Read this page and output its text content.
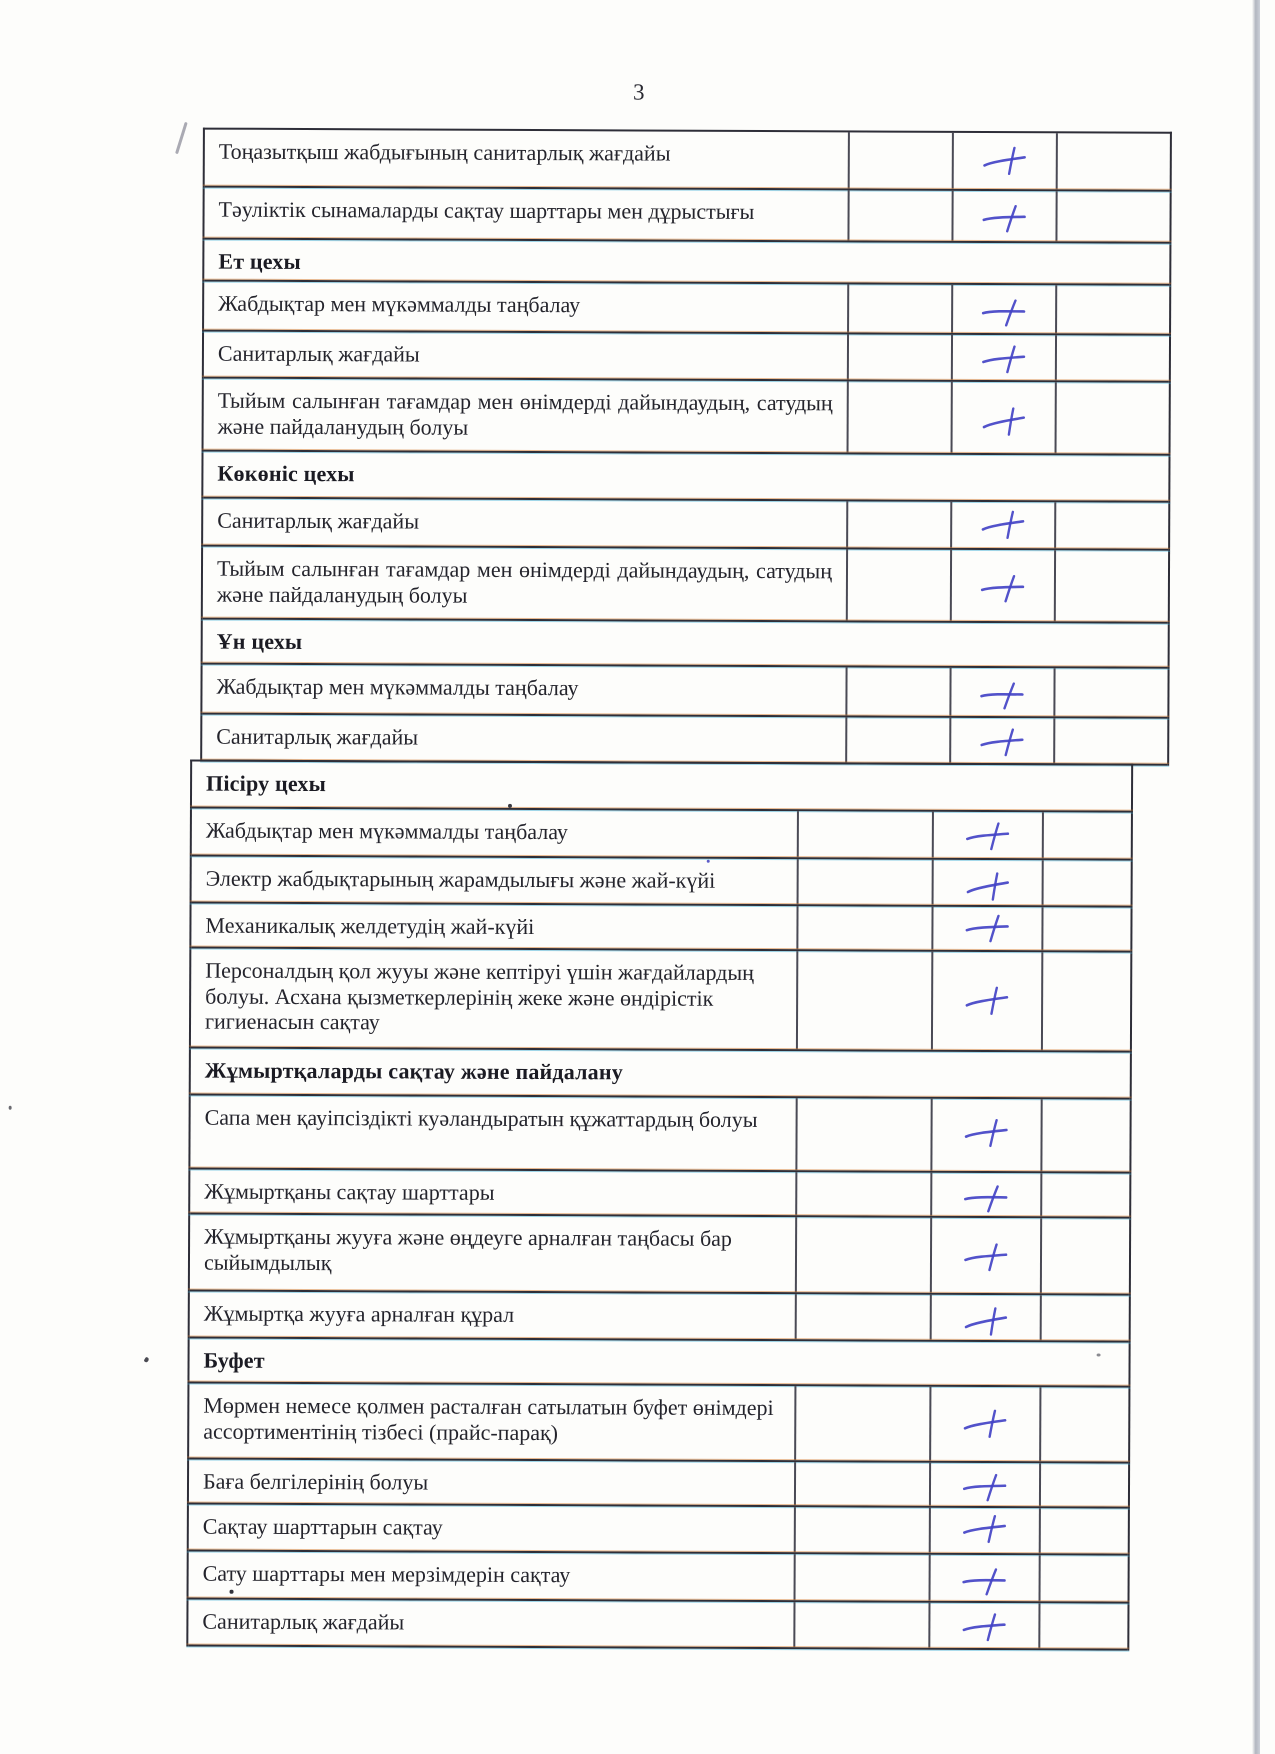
3
Тоңазытқыш жабдығының санитарлық жағдайы
Тәуліктік сынамаларды сақтау шарттары мен дұрыстығы
Ет цехы
Жабдықтар мен мүкәммалды таңбалау
Санитарлық жағдайы
Тыйым салынған тағамдар мен өнімдерді дайындаудың, сатудың және пайдаланудың болуы
Көкөніс цехы
Санитарлық жағдайы
Тыйым салынған тағамдар мен өнімдерді дайындаудың, сатудың және пайдаланудың болуы
Ұн цехы
Жабдықтар мен мүкәммалды таңбалау
Санитарлық жағдайы
Пісіру цехы
Жабдықтар мен мүкәммалды таңбалау
Электр жабдықтарының жарамдылығы және жай-күйі
Механикалық желдетудің жай-күйі
Персоналдың қол жууы және кептіруі үшін жағдайлардың болуы. Асхана қызметкерлерінің жеке және өндірістік гигиенасын сақтау
Жұмыртқаларды сақтау және пайдалану
Сапа мен қауіпсіздікті куәландыратын құжаттардың болуы
Жұмыртқаны сақтау шарттары
Жұмыртқаны жууға және өңдеуге арналған таңбасы бар сыйымдылық
Жұмыртқа жууға арналған құрал
Буфет
Мөрмен немесе қолмен расталған сатылатын буфет өнімдері ассортиментінің тізбесі (прайс-парақ)
Баға белгілерінің болуы
Сақтау шарттарын сақтау
Сату шарттары мен мерзімдерін сақтау
Санитарлық жағдайы
